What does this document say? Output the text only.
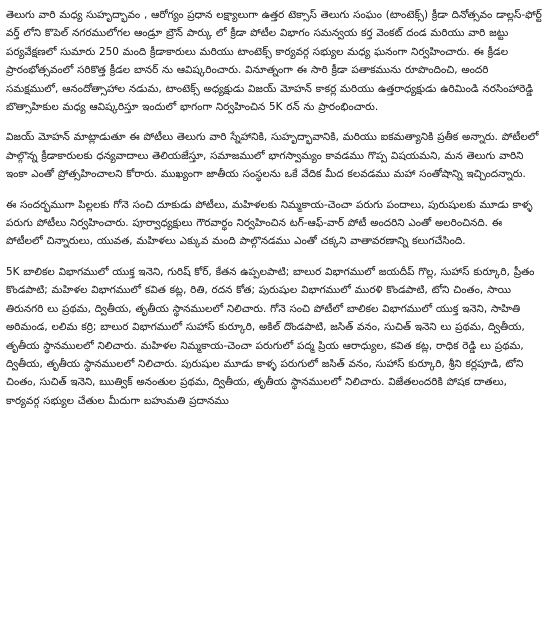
తెలుగు వారి మధ్య సుహృద్భావం , ఆరోగ్యం ప్రధాన లక్ష్యాలుగా ఉత్తర టెక్సాస్ తెలుగు సంఘం (టాంటెక్స్) క్రీడా దినోత్సవం డాల్లస్-ఫోర్ట్ వర్త్ లోని కొపెల్ నగరములోగల ఆండ్రూ బ్రౌన్ పార్కు లో క్రీడా పోటీల విభాగం సమన్వయ కర్త వెంకట్ దండ మరియు వారి జట్టు పర్యవేక్షణలో సుమారు 250 మంది క్రీడాకారులు మరియు టాంటెక్స్ కార్యవర్గ సభ్యుల మధ్య ఘనంగా నిర్వహించారు. ఈ క్రీడల ప్రారంభోత్సవంలో సరికొత్త క్రీడల బానర్ ను ఆవిష్కరించారు. వినూత్నంగా ఈ సారి క్రీడా పతాకమును రూపొందించి, అందరి సమక్షములో, ఆనందోత్సాహాల నడుమ, టాంటెక్స్ అధ్యక్షుడు విజయ్ మోహన్ కాకర్ల మరియు ఉత్తరాధ్యక్షుడు ఉరిమిండి నరసింహారెడ్డి బొత్సాహికుల మధ్య ఆవిష్కరిస్తూ ఇందులో భాగంగా నిర్వహించిన 5K రన్ ను ప్రారంభించారు.

విజయ్ మోహన్ మాట్లాడుతూ ఈ పోటీలు తెలుగు వారి స్నేహానికి, సుహృద్భావానికి, మరియు ఐకమత్యానికి ప్రతీక అన్నారు. పోటీలలో పాల్గొన్న క్రీడాకారులకు ధన్యవాదాలు తెలియజేస్తూ, సమాజములో భాగస్వామ్యం కావడము గొప్ప విషయమని, మన తెలుగు వారిని ఇంకా ఎంతో ప్రోత్సహించాలని కోరారు. ముఖ్యంగా జాతీయ సంస్థలను ఒకే వేదిక మీద కలవడము మహా సంతోషాన్ని ఇచ్చిందన్నారు.

ఈ సందర్భముగా పిల్లలకు గోనె సంచి దూకుడు పోటీలు, మహిళలకు నిమ్మకాయ-చెంచా పరుగు పందాలు, పురుషులకు మూడు కాళ్ళ పరుగు పోటీలు నిర్వహించారు. పూర్వాధ్యక్షులు గౌరవార్థం నిర్వహించిన టగ్-ఆఫ్-వార్ పోటీ అందరిని ఎంతో అలరించినది. ఈ పోటీలలో చిన్నారులు, యువత, మహిళలు ఎక్కువ మంది పాల్గొనడము ఎంతో చక్కని వాతావరణాన్ని కలుగచేసింది.

5K బాలికల విభాగములో యుక్త ఇనెని, గురిష్ కోర్, కేతన ఉప్పలపాటి; బాలుర విభాగములో జయదీప్ గొల్ల, సుహాస్ కుర్కూరి, ప్రీతం కొండపాటి; మహిళల విభాగములో కవిత కట్ల, రితి, రదన కోత; పురుషుల విభాగములో మురళి కొండపాటి, టోని చింతం, సాయి తిరునగరి లు ప్రథమ, ద్వితీయ, తృతీయ స్థానములలో నిలిచారు. గోనె సంచి పోటీలో బాలికల విభాగములో యుక్త ఇనెని, సాహితి అరిమండ, లలిమ కర్రి; బాలుర విభాగములో సుహాస్ కుర్కూరి, అకిల్ దొండపాటి, జసిత్ వనం, సుచిత్ ఇనెని లు ప్రథమ, ద్వితీయ, తృతీయ స్థానములలో నిలిచారు. మహిళల నిమ్మకాయ-చెంచా పరుగులో పద్మ ప్రియ ఆరాధ్యుల, కవిత కట్ల, రాధిక రెడ్డి లు ప్రథమ, ద్వితీయ, తృతీయ స్థానములలో నిలిచారు. పురుషుల మూడు కాళ్ళ పరుగులో జసిత్ వనం, సుహాస్ కుర్కూరి, శ్రీని కర్లపూడి, టోని చింతం, సుచిత్ ఇనెని, ఋత్విక్ అనంతుల ప్రథమ, ద్వితీయ, తృతీయ స్థానములలో నిలిచారు. విజేతలందరికి పోషక దాతలు, కార్యవర్గ సభ్యుల చేతుల మీదుగా బహుమతి ప్రదానము
